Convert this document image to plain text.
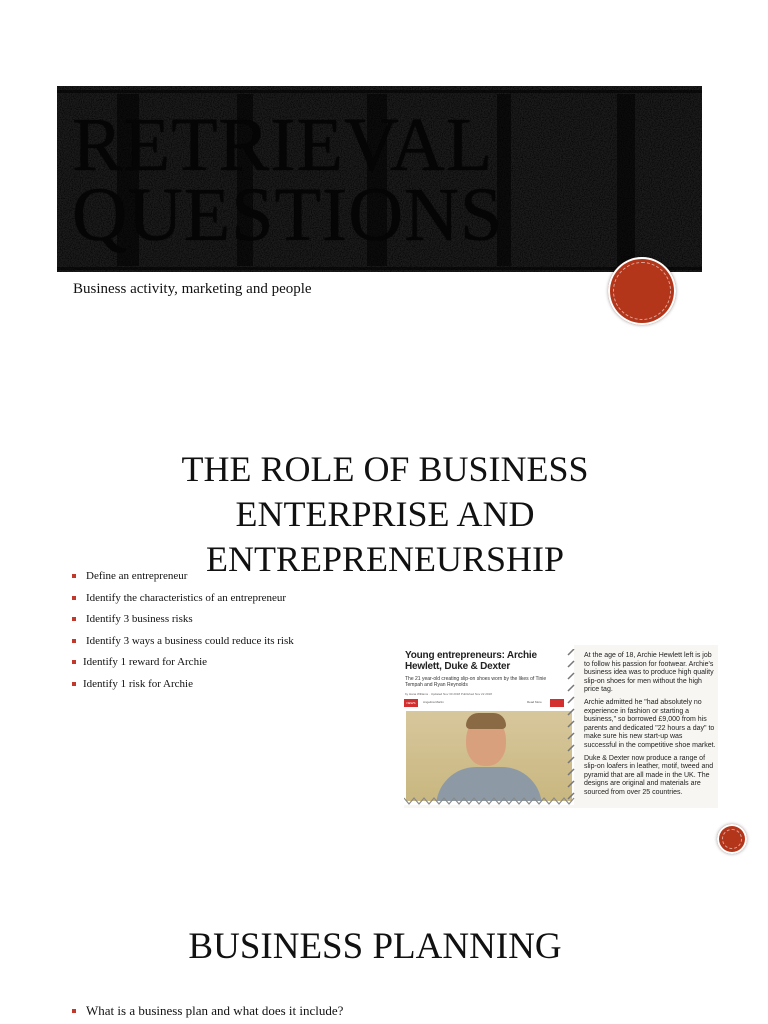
RETRIEVAL
QUESTIONS
Business activity, marketing and people
THE ROLE OF BUSINESS ENTERPRISE AND ENTREPRENEURSHIP
Define an entrepreneur
Identify the characteristics of an entrepreneur
Identify 3 business risks
Identify 3 ways a business could reduce its risk
Identify 1 reward for Archie
Identify 1 risk for Archie
Young entrepreneurs: Archie Hewlett, Duke & Dexter
The 21 year-old creating slip-on shoes worn by the likes of Tinie Tempah and Ryan Reynolds
by Hana Williams · Updated Nov 30 2018 Published Nov 22 2018
NEWS	Angelina Martin	Read More

At the age of 18, Archie Hewlett left is job to follow his passion for footwear. Archie's business idea was to produce high quality slip-on shoes for men without the high price tag.

Archie admitted he "had absolutely no experience in fashion or starting a business," so borrowed £9,000 from his parents and dedicated "22 hours a day" to make sure his new start-up was successful in the competitive shoe market.

Duke & Dexter now produce a range of slip-on loafers in leather, motif, tweed and pyramid that are all made in the UK. The designs are original and materials are sourced from over 25 countries.

BUSINESS PLANNING
What is a business plan and what does it include?
